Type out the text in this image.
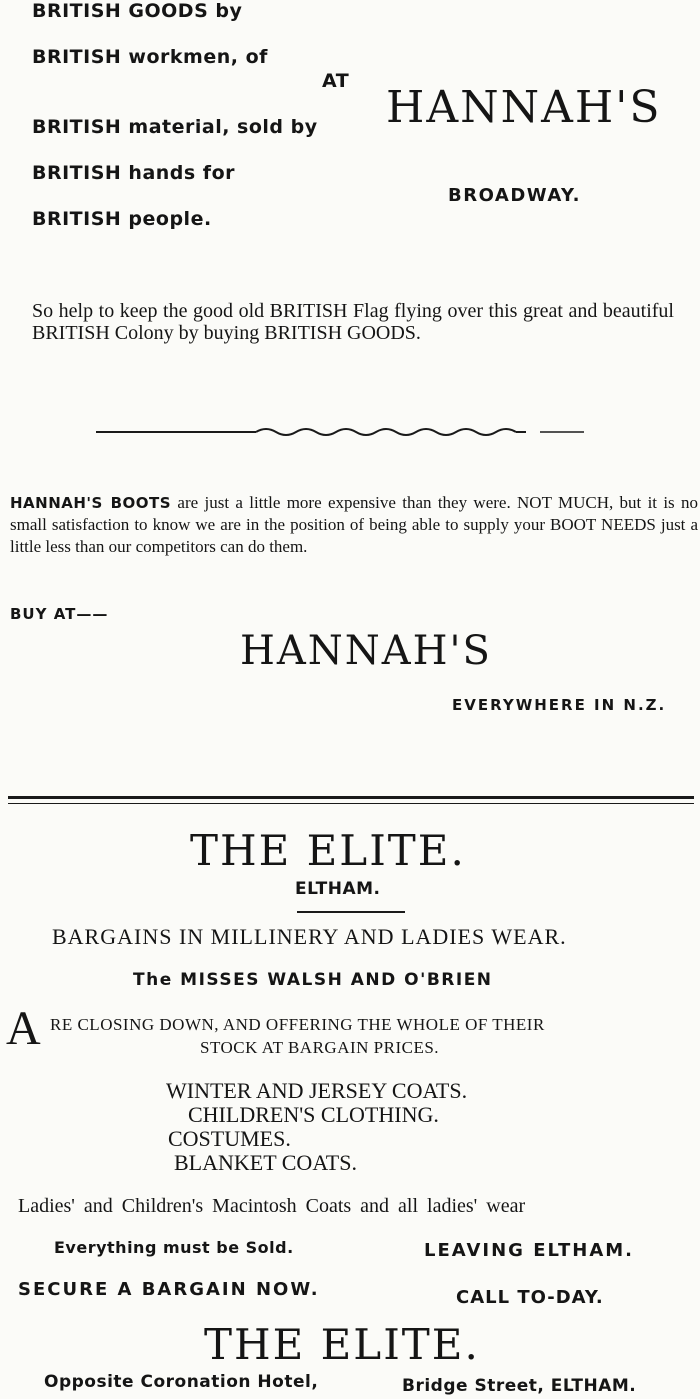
BRITISH GOODS by
BRITISH workmen, of
BRITISH material, sold by
BRITISH hands for
BRITISH people.
AT
HANNAH'S
BROADWAY.
So help to keep the good old BRITISH Flag flying over this great and beautiful BRITISH Colony by buying BRITISH GOODS.
HANNAH'S BOOTS are just a little more expensive than they were. NOT MUCH, but it is no small satisfaction to know we are in the position of being able to supply your BOOT NEEDS just a little less than our competitors can do them.
BUY AT——
HANNAH'S
EVERYWHERE IN N.Z.
THE ELITE.
ELTHAM.
BARGAINS IN MILLINERY AND LADIES WEAR.
The MISSES WALSH AND O'BRIEN
A RE CLOSING DOWN, AND OFFERING THE WHOLE OF THEIR
STOCK AT BARGAIN PRICES.
WINTER AND JERSEY COATS.
CHILDREN'S CLOTHING.
COSTUMES.
BLANKET COATS.
Ladies' and Children's Macintosh Coats and all ladies' wear
Everything must be Sold.	LEAVING ELTHAM.
SECURE A BARGAIN NOW.	CALL TO-DAY.
THE ELITE.
Opposite Coronation Hotel,	Bridge Street, ELTHAM.
